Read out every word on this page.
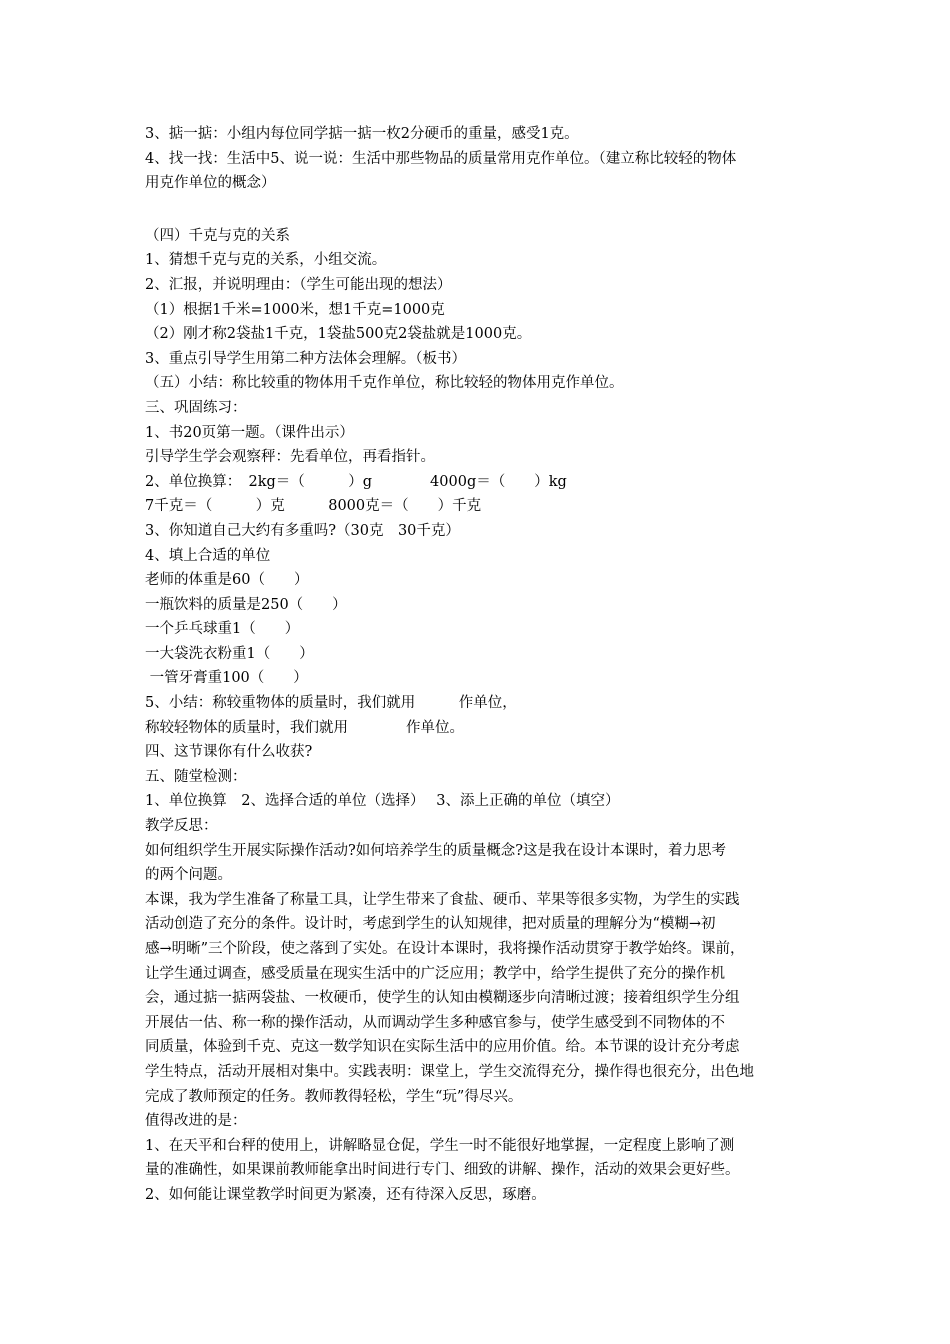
3、掂一掂：小组内每位同学掂一掂一枚2分硬币的重量，感受1克。
4、找一找：生活中5、说一说：生活中那些物品的质量常用克作单位。（建立称比较轻的物体
用克作单位的概念）
（四）千克与克的关系
1、猜想千克与克的关系，小组交流。
2、汇报，并说明理由：（学生可能出现的想法）
（1）根据1千米=1000米，想1千克=1000克
（2）刚才称2袋盐1千克，1袋盐500克2袋盐就是1000克。
3、重点引导学生用第二种方法体会理解。（板书）
（五）小结：称比较重的物体用千克作单位，称比较轻的物体用克作单位。
三、巩固练习：
1、书20页第一题。（课件出示）
引导学生学会观察秤：先看单位，再看指针。
2、单位换算：　2kg＝（　　　）g　　　　4000g＝（　　）kg
7千克＝（　　　）克　　　8000克＝（　　）千克
3、你知道自己大约有多重吗?（30克　30千克）
4、填上合适的单位
老师的体重是60（　　）
一瓶饮料的质量是250（　　）
一个乒乓球重1（　　）
一大袋洗衣粉重1（　　）
一管牙膏重100（　　）
5、小结：称较重物体的质量时，我们就用　　　作单位，
称较轻物体的质量时，我们就用　　　　作单位。
四、这节课你有什么收获?
五、随堂检测：
1、单位换算　2、选择合适的单位（选择）　 3、添上正确的单位（填空）
教学反思：
如何组织学生开展实际操作活动?如何培养学生的质量概念?这是我在设计本课时，着力思考
的两个问题。
本课，我为学生准备了称量工具，让学生带来了食盐、硬币、苹果等很多实物，为学生的实践
活动创造了充分的条件。设计时，考虑到学生的认知规律，把对质量的理解分为“模糊→初
感→明晰”三个阶段，使之落到了实处。在设计本课时，我将操作活动贯穿于教学始终。课前，
让学生通过调查，感受质量在现实生活中的广泛应用；教学中，给学生提供了充分的操作机
会，通过掂一掂两袋盐、一枚硬币，使学生的认知由模糊逐步向清晰过渡；接着组织学生分组
开展估一估、称一称的操作活动，从而调动学生多种感官参与，使学生感受到不同物体的不
同质量，体验到千克、克这一数学知识在实际生活中的应用价值。给。本节课的设计充分考虑
学生特点，活动开展相对集中。实践表明：课堂上，学生交流得充分，操作得也很充分，出色地
完成了教师预定的任务。教师教得轻松，学生“玩”得尽兴。
值得改进的是：
1、在天平和台秤的使用上，讲解略显仓促，学生一时不能很好地掌握，一定程度上影响了测
量的准确性，如果课前教师能拿出时间进行专门、细致的讲解、操作，活动的效果会更好些。
2、如何能让课堂教学时间更为紧凑，还有待深入反思，琢磨。
